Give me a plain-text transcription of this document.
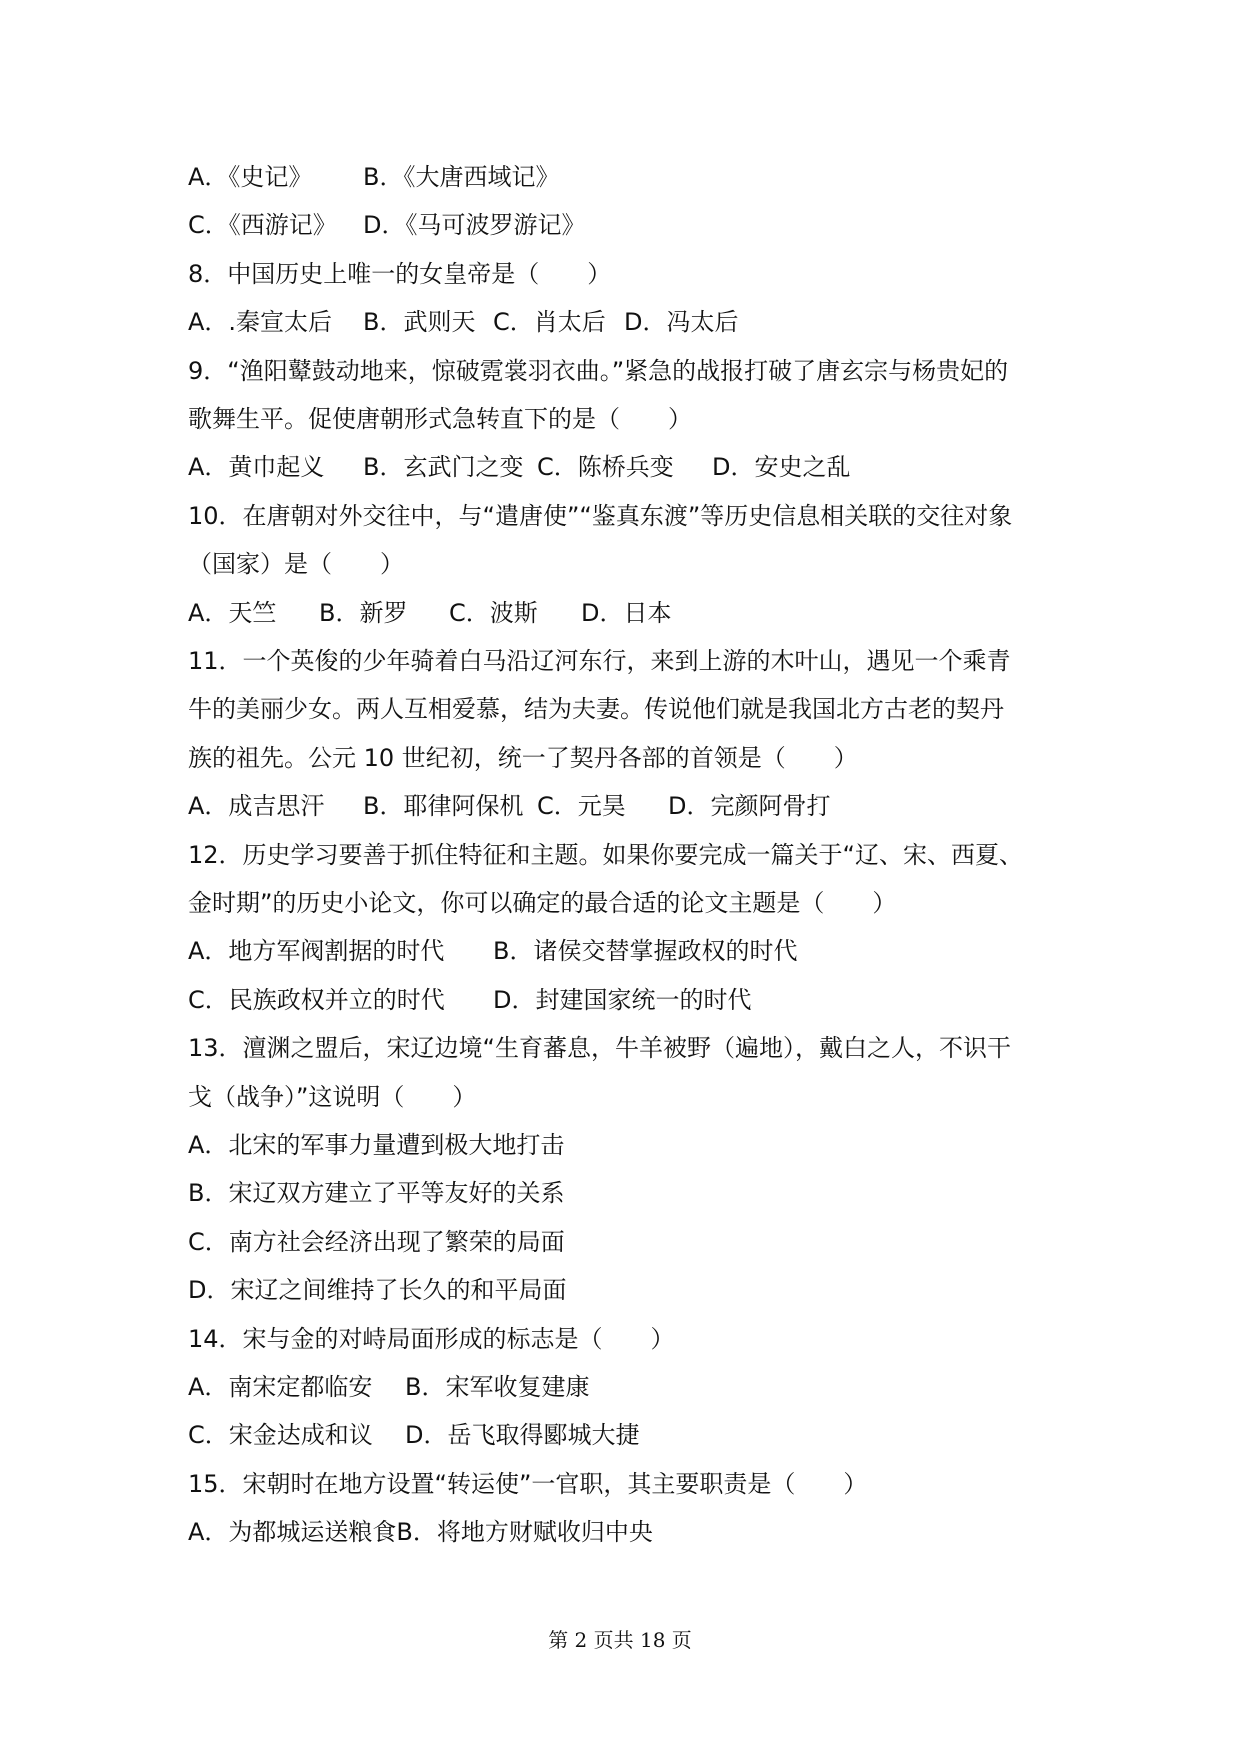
A．《史记》 B．《大唐西域记》
C．《西游记》 D．《马可波罗游记》
8．中国历史上唯一的女皇帝是（　　）
A．.秦宣太后 B．武则天 C．肖太后 D．冯太后
9．“渔阳鼙鼓动地来，惊破霓裳羽衣曲。”紧急的战报打破了唐玄宗与杨贵妃的
歌舞生平。促使唐朝形式急转直下的是（　　）
A．黄巾起义 B．玄武门之变 C．陈桥兵变 D．安史之乱
10．在唐朝对外交往中，与“遣唐使”“鉴真东渡”等历史信息相关联的交往对象
（国家）是（　　）
A．天竺 B．新罗 C．波斯 D．日本
11．一个英俊的少年骑着白马沿辽河东行，来到上游的木叶山，遇见一个乘青
牛的美丽少女。两人互相爱慕，结为夫妻。传说他们就是我国北方古老的契丹
族的祖先。公元 10 世纪初，统一了契丹各部的首领是（　　）
A．成吉思汗 B．耶律阿保机 C．元昊 D．完颜阿骨打
12．历史学习要善于抓住特征和主题。如果你要完成一篇关于“辽、宋、西夏、
金时期”的历史小论文，你可以确定的最合适的论文主题是（　　）
A．地方军阀割据的时代 B．诸侯交替掌握政权的时代
C．民族政权并立的时代 D．封建国家统一的时代
13．澶渊之盟后，宋辽边境“生育蕃息，牛羊被野（遍地），戴白之人，不识干
戈（战争）”这说明（　　）
A．北宋的军事力量遭到极大地打击
B．宋辽双方建立了平等友好的关系
C．南方社会经济出现了繁荣的局面
D．宋辽之间维持了长久的和平局面
14．宋与金的对峙局面形成的标志是（　　）
A．南宋定都临安 B．宋军收复建康
C．宋金达成和议 D．岳飞取得郾城大捷
15．宋朝时在地方设置“转运使”一官职，其主要职责是（　　）
A．为都城运送粮食B．将地方财赋收归中央
第 2 页共 18 页
